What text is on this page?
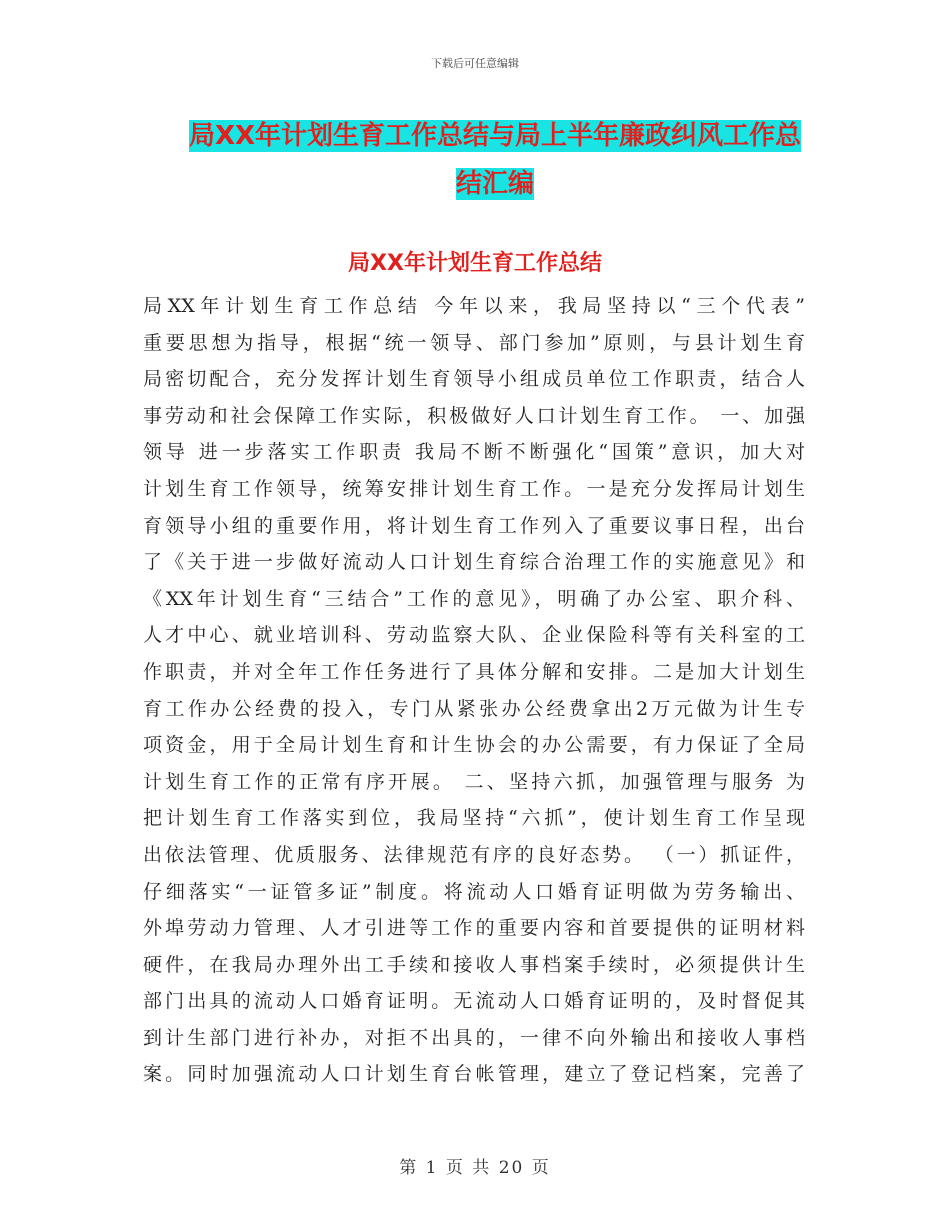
下载后可任意编辑
局XX年计划生育工作总结与局上半年廉政纠风工作总
结汇编
局XX年计划生育工作总结
局XX年计划生育工作总结 今年以来，我局坚持以“三个代表”
重要思想为指导，根据“统一领导、部门参加”原则，与县计划生育
局密切配合，充分发挥计划生育领导小组成员单位工作职责，结合人
事劳动和社会保障工作实际，积极做好人口计划生育工作。 一、加强
领导 进一步落实工作职责 我局不断不断强化“国策”意识，加大对
计划生育工作领导，统筹安排计划生育工作。一是充分发挥局计划生
育领导小组的重要作用，将计划生育工作列入了重要议事日程，出台
了《关于进一步做好流动人口计划生育综合治理工作的实施意见》和
《XX年计划生育“三结合”工作的意见》，明确了办公室、职介科、
人才中心、就业培训科、劳动监察大队、企业保险科等有关科室的工
作职责，并对全年工作任务进行了具体分解和安排。二是加大计划生
育工作办公经费的投入，专门从紧张办公经费拿出2万元做为计生专
项资金，用于全局计划生育和计生协会的办公需要，有力保证了全局
计划生育工作的正常有序开展。 二、坚持六抓，加强管理与服务 为
把计划生育工作落实到位，我局坚持“六抓”，使计划生育工作呈现
出依法管理、优质服务、法律规范有序的良好态势。 （一）抓证件，
仔细落实“一证管多证”制度。将流动人口婚育证明做为劳务输出、
外埠劳动力管理、人才引进等工作的重要内容和首要提供的证明材料
硬件，在我局办理外出工手续和接收人事档案手续时，必须提供计生
部门出具的流动人口婚育证明。无流动人口婚育证明的，及时督促其
到计生部门进行补办，对拒不出具的，一律不向外输出和接收人事档
案。同时加强流动人口计划生育台帐管理，建立了登记档案，完善了
第 1 页 共 20 页
